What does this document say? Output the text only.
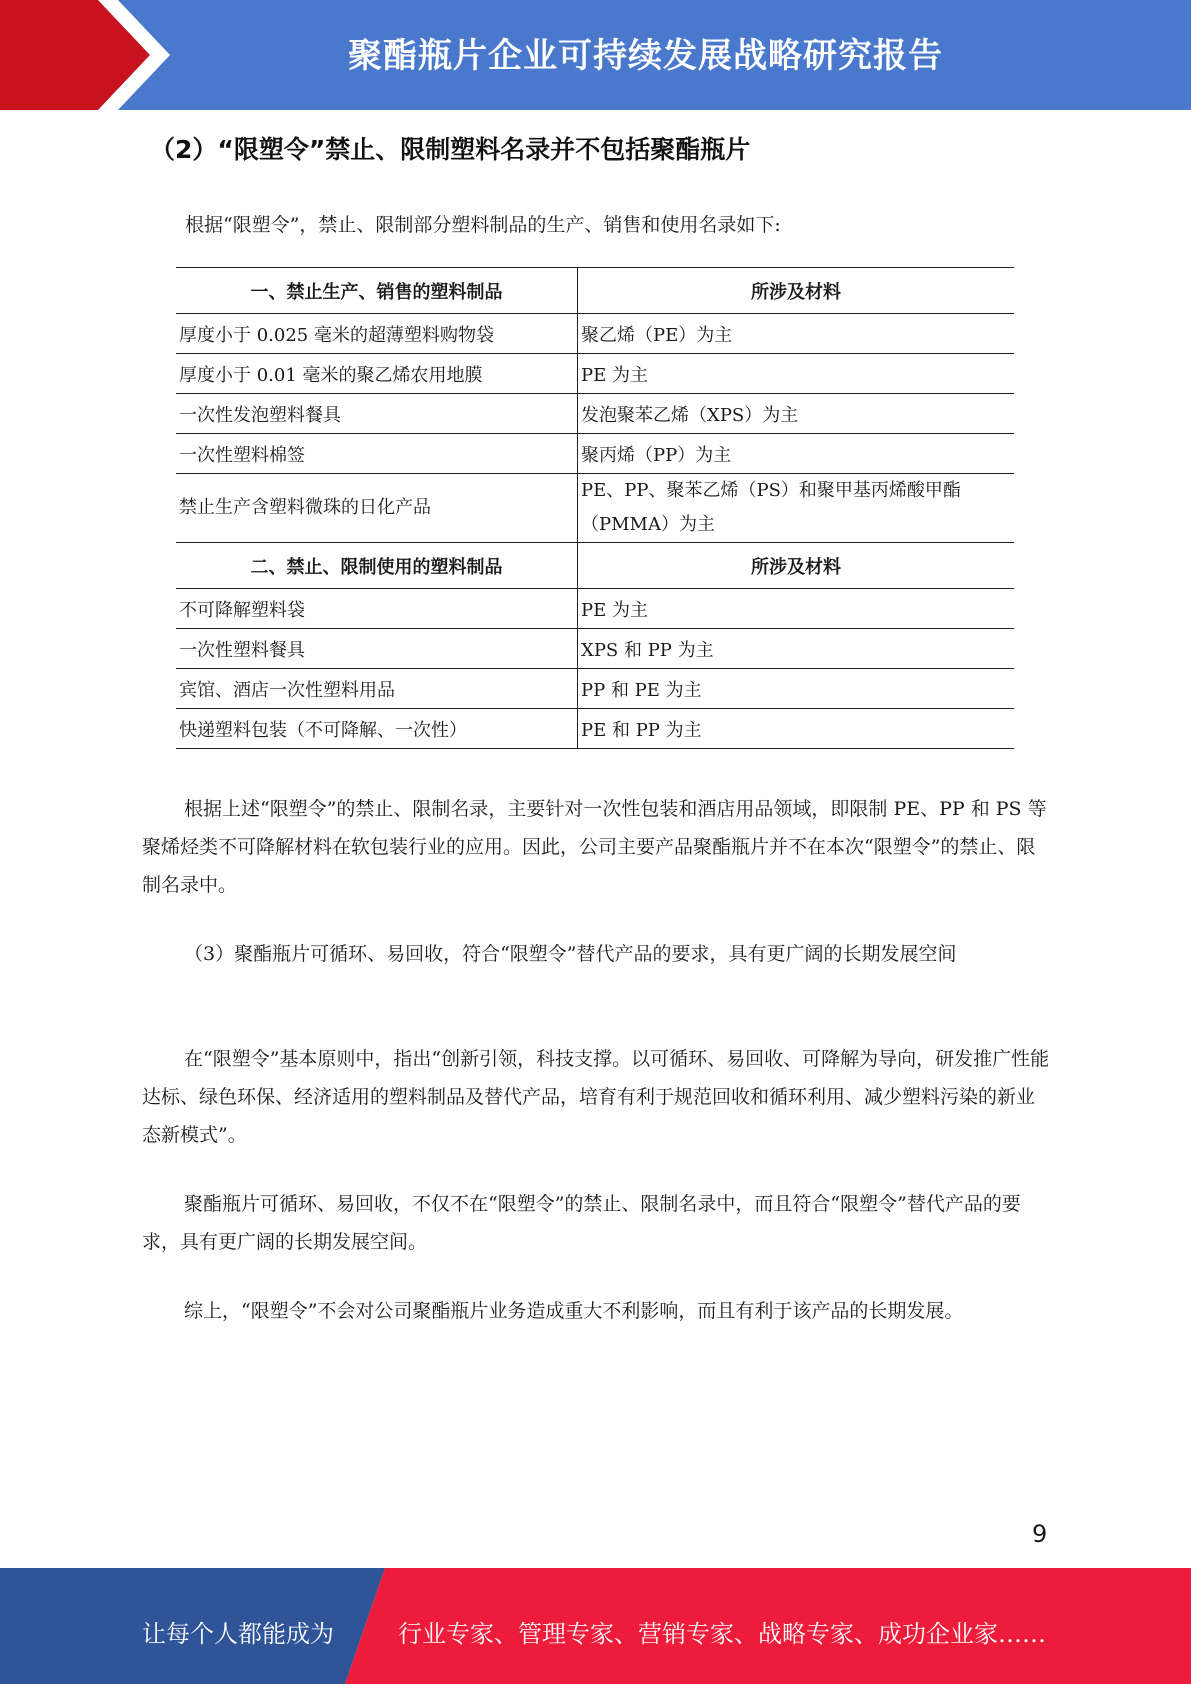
聚酯瓶片企业可持续发展战略研究报告
（2）“限塑令”禁止、限制塑料名录并不包括聚酯瓶片
根据“限塑令”，禁止、限制部分塑料制品的生产、销售和使用名录如下:
一、禁止生产、销售的塑料制品	所涉及材料
厚度小于 0.025 毫米的超薄塑料购物袋	聚乙烯（PE）为主
厚度小于 0.01 毫米的聚乙烯农用地膜	PE 为主
一次性发泡塑料餐具	发泡聚苯乙烯（XPS）为主
一次性塑料棉签	聚丙烯（PP）为主
禁止生产含塑料微珠的日化产品	PE、PP、聚苯乙烯（PS）和聚甲基丙烯酸甲酯（PMMA）为主
二、禁止、限制使用的塑料制品	所涉及材料
不可降解塑料袋	PE 为主
一次性塑料餐具	XPS 和 PP 为主
宾馆、酒店一次性塑料用品	PP 和 PE 为主
快递塑料包装（不可降解、一次性）	PE 和 PP 为主

根据上述“限塑令”的禁止、限制名录，主要针对一次性包装和酒店用品领域，即限制 PE、PP 和 PS 等聚烯烃类不可降解材料在软包装行业的应用。因此，公司主要产品聚酯瓶片并不在本次“限塑令”的禁止、限制名录中。

（3）聚酯瓶片可循环、易回收，符合“限塑令”替代产品的要求，具有更广阔的长期发展空间

在“限塑令”基本原则中，指出“创新引领，科技支撑。以可循环、易回收、可降解为导向，研发推广性能达标、绿色环保、经济适用的塑料制品及替代产品，培育有利于规范回收和循环利用、减少塑料污染的新业态新模式”。

聚酯瓶片可循环、易回收，不仅不在“限塑令”的禁止、限制名录中，而且符合“限塑令”替代产品的要求，具有更广阔的长期发展空间。

综上，“限塑令”不会对公司聚酯瓶片业务造成重大不利影响，而且有利于该产品的长期发展。

9
让每个人都能成为	行业专家、管理专家、营销专家、战略专家、成功企业家……
